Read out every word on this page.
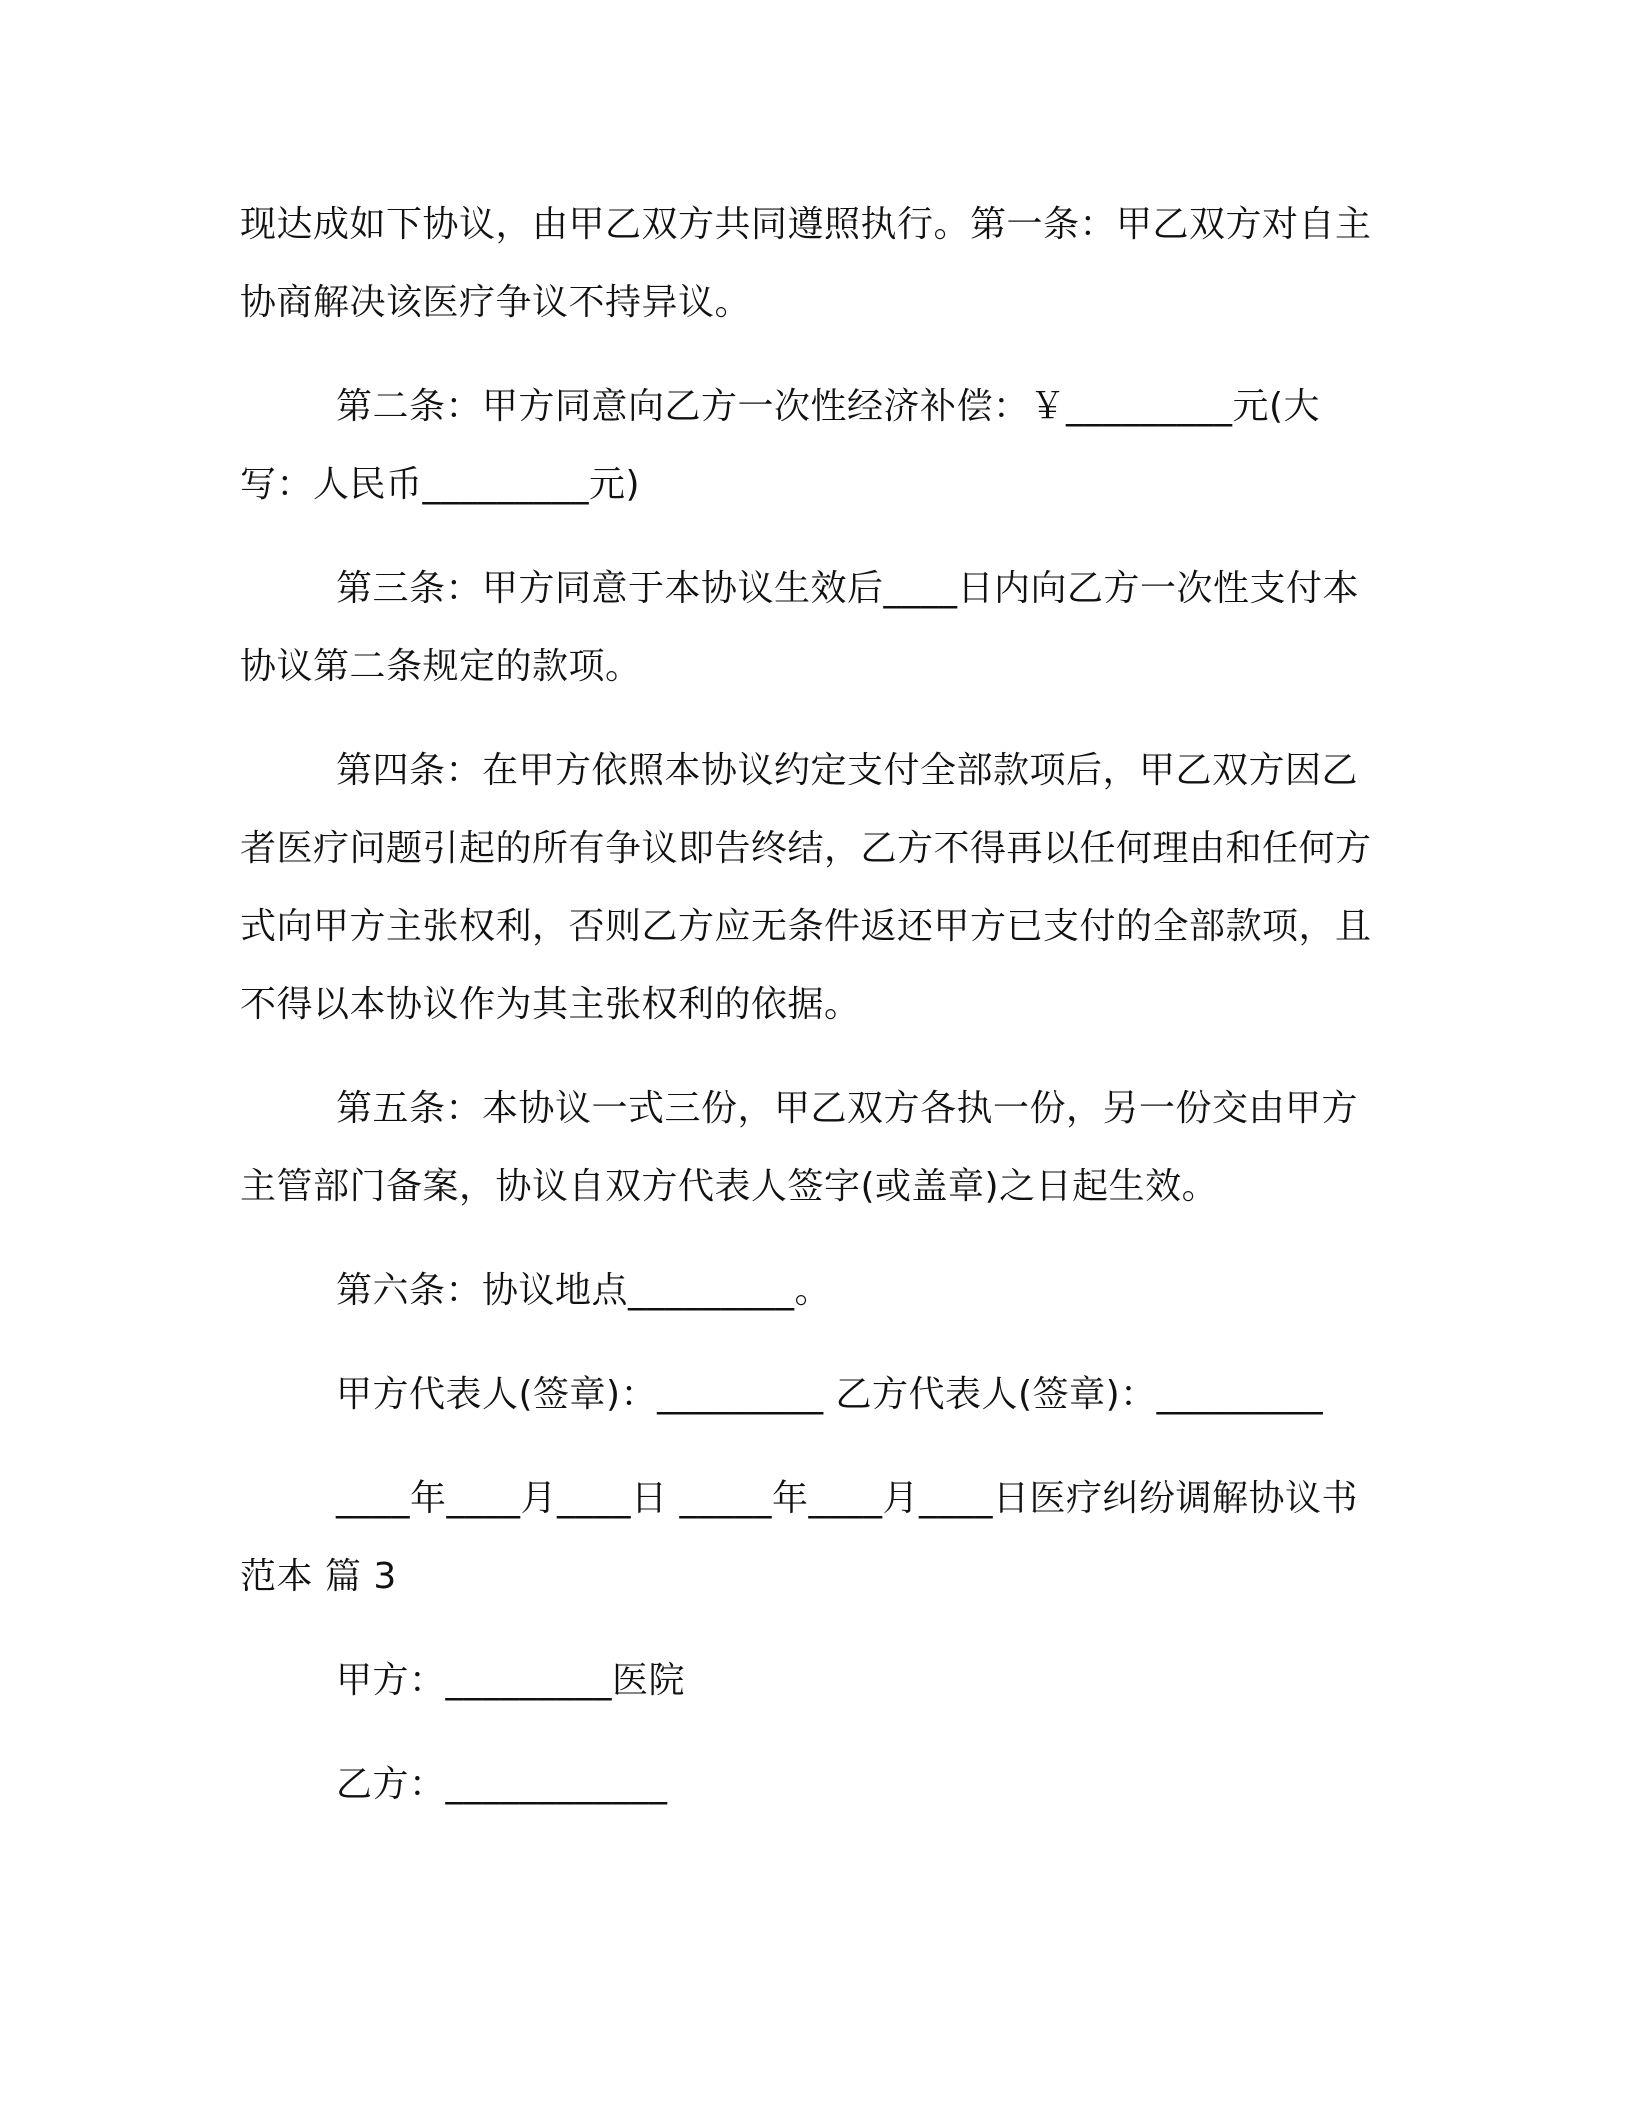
现达成如下协议，由甲乙双方共同遵照执行。第一条：甲乙双方对自主协商解决该医疗争议不持异议。

第二条：甲方同意向乙方一次性经济补偿：￥_________元(大写：人民币_________元)

第三条：甲方同意于本协议生效后____日内向乙方一次性支付本协议第二条规定的款项。

第四条：在甲方依照本协议约定支付全部款项后，甲乙双方因乙者医疗问题引起的所有争议即告终结，乙方不得再以任何理由和任何方式向甲方主张权利，否则乙方应无条件返还甲方已支付的全部款项，且不得以本协议作为其主张权利的依据。

第五条：本协议一式三份，甲乙双方各执一份，另一份交由甲方主管部门备案，协议自双方代表人签字(或盖章)之日起生效。

第六条：协议地点_________。

甲方代表人(签章)：_________ 乙方代表人(签章)：_________

____年____月____日 _____年____月____日医疗纠纷调解协议书范本 篇 3

甲方：_________医院

乙方：____________
